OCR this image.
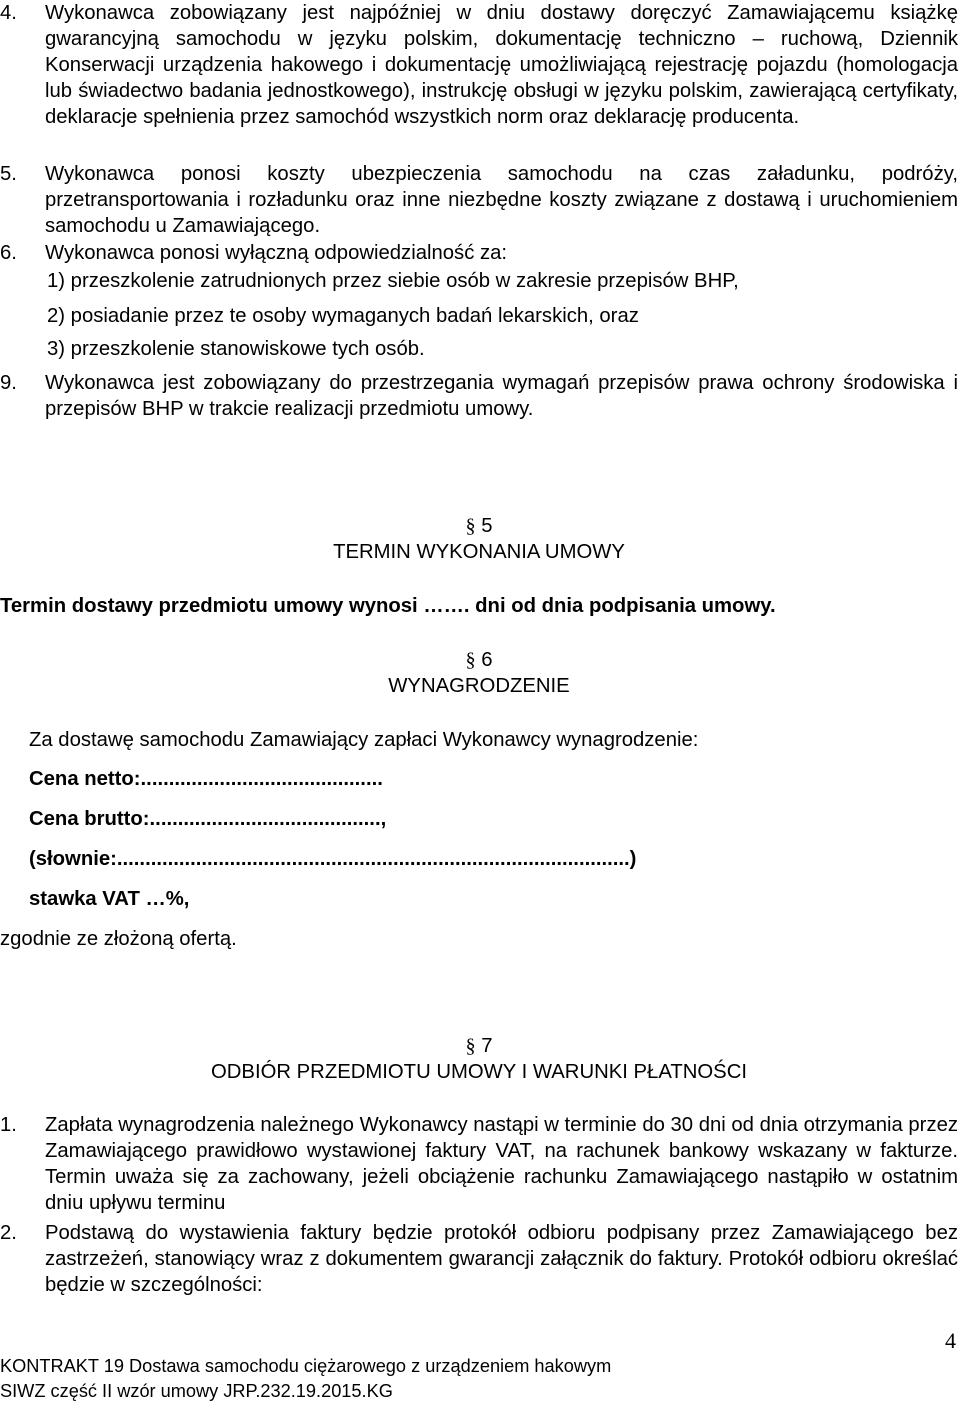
4. Wykonawca zobowiązany jest najpóźniej w dniu dostawy doręczyć Zamawiającemu książkę gwarancyjną samochodu w języku polskim, dokumentację techniczno – ruchową, Dziennik Konserwacji urządzenia hakowego i dokumentację umożliwiającą rejestrację pojazdu (homologacja lub świadectwo badania jednostkowego), instrukcję obsługi w języku polskim, zawierającą certyfikaty, deklaracje spełnienia przez samochód wszystkich norm oraz deklarację producenta.
5. Wykonawca ponosi koszty ubezpieczenia samochodu na czas załadunku, podróży, przetransportowania i rozładunku oraz inne niezbędne koszty związane z dostawą i uruchomieniem samochodu u Zamawiającego.
6. Wykonawca ponosi wyłączną odpowiedzialność za:
1) przeszkolenie zatrudnionych przez siebie osób w zakresie przepisów BHP,
2) posiadanie przez te osoby wymaganych badań lekarskich, oraz
3) przeszkolenie stanowiskowe tych osób.
9. Wykonawca jest zobowiązany do przestrzegania wymagań przepisów prawa ochrony środowiska i przepisów BHP w trakcie realizacji przedmiotu umowy.
§ 5
TERMIN WYKONANIA UMOWY
Termin dostawy przedmiotu umowy wynosi ……. dni od dnia podpisania umowy.
§ 6
WYNAGRODZENIE
Za dostawę samochodu Zamawiający zapłaci Wykonawcy wynagrodzenie:
Cena netto:...........................................
Cena brutto:.........................................,
(słownie:...........................................................................................)
stawka VAT …%,
zgodnie ze złożoną ofertą.
§ 7
ODBIÓR PRZEDMIOTU UMOWY I WARUNKI PŁATNOŚCI
1. Zapłata wynagrodzenia należnego Wykonawcy nastąpi w terminie do 30 dni od dnia otrzymania przez Zamawiającego prawidłowo wystawionej faktury VAT, na rachunek bankowy wskazany w fakturze. Termin uważa się za zachowany, jeżeli obciążenie rachunku Zamawiającego nastąpiło w ostatnim dniu upływu terminu
2. Podstawą do wystawienia faktury będzie protokół odbioru podpisany przez Zamawiającego bez zastrzeżeń, stanowiący wraz z dokumentem gwarancji załącznik do faktury. Protokół odbioru określać będzie w szczególności:
4
KONTRAKT 19 Dostawa samochodu ciężarowego z urządzeniem hakowym
SIWZ część II wzór umowy JRP.232.19.2015.KG
